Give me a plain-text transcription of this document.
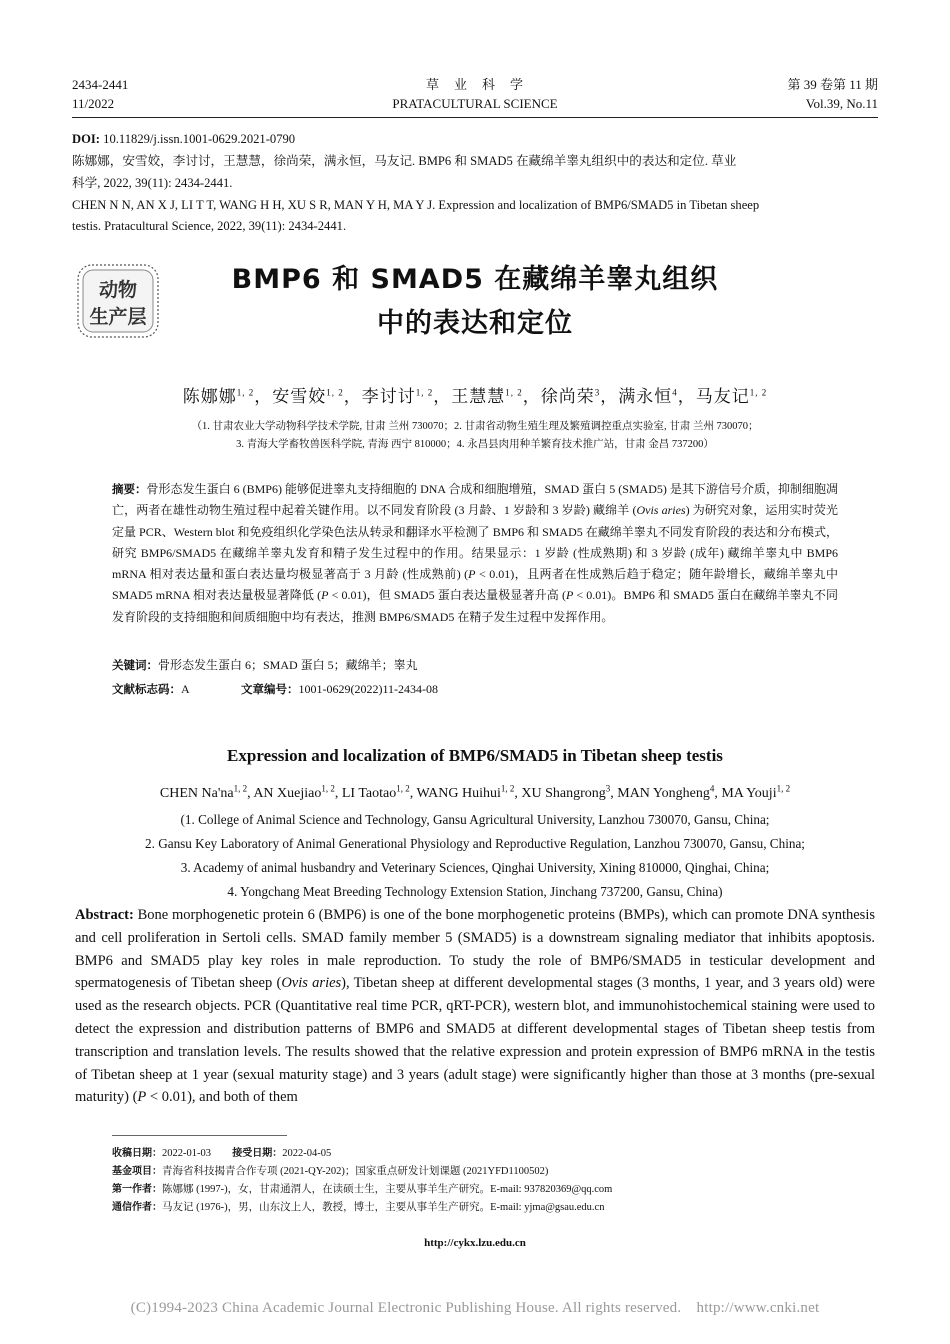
2434-2441
11/2022
草　业　科　学
PRATACULTURAL SCIENCE
第 39 卷第 11 期
Vol.39, No.11
DOI: 10.11829/j.issn.1001-0629.2021-0790
陈娜娜，安雪姣，李讨讨，王慧慧，徐尚荣，满永恒，马友记. BMP6 和 SMAD5 在藏绵羊睾丸组织中的表达和定位. 草业
科学, 2022, 39(11): 2434-2441.
CHEN N N, AN X J, LI T T, WANG H H, XU S R, MAN Y H, MA Y J. Expression and localization of BMP6/SMAD5 in Tibetan sheep
testis. Pratacultural Science, 2022, 39(11): 2434-2441.
动物
生产层
BMP6 和 SMAD5 在藏绵羊睾丸组织
中的表达和定位
陈娜娜$^{1, 2}$，安雪姣$^{1, 2}$，李讨讨$^{1, 2}$，王慧慧$^{1, 2}$，徐尚荣$^3$，满永恒$^4$，马友记$^{1, 2}$
（1. 甘肃农业大学动物科学技术学院, 甘肃 兰州 730070；2. 甘肃省动物生殖生理及繁殖调控重点实验室, 甘肃 兰州 730070；
3. 青海大学畜牧兽医科学院, 青海 西宁 810000；4. 永昌县肉用种羊繁育技术推广站，甘肃 金昌 737200）
摘要：骨形态发生蛋白 6 (BMP6) 能够促进睾丸支持细胞的 DNA 合成和细胞增殖，SMAD 蛋白 5 (SMAD5) 是其下游信号介质，抑制细胞凋亡，两者在雄性动物生殖过程中起着关键作用。以不同发育阶段 (3 月龄、1 岁龄和 3 岁龄) 藏绵羊 (Ovis aries) 为研究对象，运用实时荧光定量 PCR、Western blot 和免疫组织化学染色法从转录和翻译水平检测了 BMP6 和 SMAD5 在藏绵羊睾丸不同发育阶段的表达和分布模式，研究 BMP6/SMAD5 在藏绵羊睾丸发育和精子发生过程中的作用。结果显示：1 岁龄 (性成熟期) 和 3 岁龄 (成年) 藏绵羊睾丸中 BMP6 mRNA 相对表达量和蛋白表达量均极显著高于 3 月龄 (性成熟前) (P < 0.01)，且两者在性成熟后趋于稳定；随年龄增长，藏绵羊睾丸中 SMAD5 mRNA 相对表达量极显著降低 (P < 0.01)，但 SMAD5 蛋白表达量极显著升高 (P < 0.01)。BMP6 和 SMAD5 蛋白在藏绵羊睾丸不同发育阶段的支持细胞和间质细胞中均有表达，推测 BMP6/SMAD5 在精子发生过程中发挥作用。
关键词：骨形态发生蛋白 6；SMAD 蛋白 5；藏绵羊；睾丸
文献标志码：A	文章编号：1001-0629(2022)11-2434-08
Expression and localization of BMP6/SMAD5 in Tibetan sheep testis
CHEN Na'na$^{1, 2}$, AN Xuejiao$^{1, 2}$, LI Taotao$^{1, 2}$, WANG Huihui$^{1, 2}$, XU Shangrong$^3$, MAN Yongheng$^4$, MA Youji$^{1, 2}$
(1. College of Animal Science and Technology, Gansu Agricultural University, Lanzhou 730070, Gansu, China;
2. Gansu Key Laboratory of Animal Generational Physiology and Reproductive Regulation, Lanzhou 730070, Gansu, China;
3. Academy of animal husbandry and Veterinary Sciences, Qinghai University, Xining 810000, Qinghai, China;
4. Yongchang Meat Breeding Technology Extension Station, Jinchang 737200, Gansu, China)
Abstract: Bone morphogenetic protein 6 (BMP6) is one of the bone morphogenetic proteins (BMPs), which can promote DNA synthesis and cell proliferation in Sertoli cells. SMAD family member 5 (SMAD5) is a downstream signaling mediator that inhibits apoptosis. BMP6 and SMAD5 play key roles in male reproduction. To study the role of BMP6/SMAD5 in testicular development and spermatogenesis of Tibetan sheep (Ovis aries), Tibetan sheep at different developmental stages (3 months, 1 year, and 3 years old) were used as the research objects. PCR (Quantitative real time PCR, qRT-PCR), western blot, and immunohistochemical staining were used to detect the expression and distribution patterns of BMP6 and SMAD5 at different developmental stages of Tibetan sheep testis from transcription and translation levels. The results showed that the relative expression and protein expression of BMP6 mRNA in the testis of Tibetan sheep at 1 year (sexual maturity stage) and 3 years (adult stage) were significantly higher than those at 3 months (pre-sexual maturity) (P < 0.01), and both of them
收稿日期：2022-01-03 接受日期：2022-04-05
基金项目：青海省科技揭青合作专项 (2021-QY-202)；国家重点研发计划课题 (2021YFD1100502)
第一作者：陈娜娜 (1997-)，女，甘肃通渭人，在读硕士生，主要从事羊生产研究。E-mail: 937820369@qq.com
通信作者：马友记 (1976-)，男，山东汶上人，教授，博士，主要从事羊生产研究。E-mail: yjma@gsau.edu.cn
http://cykx.lzu.edu.cn
(C)1994-2023 China Academic Journal Electronic Publishing House. All rights reserved.　http://www.cnki.net
